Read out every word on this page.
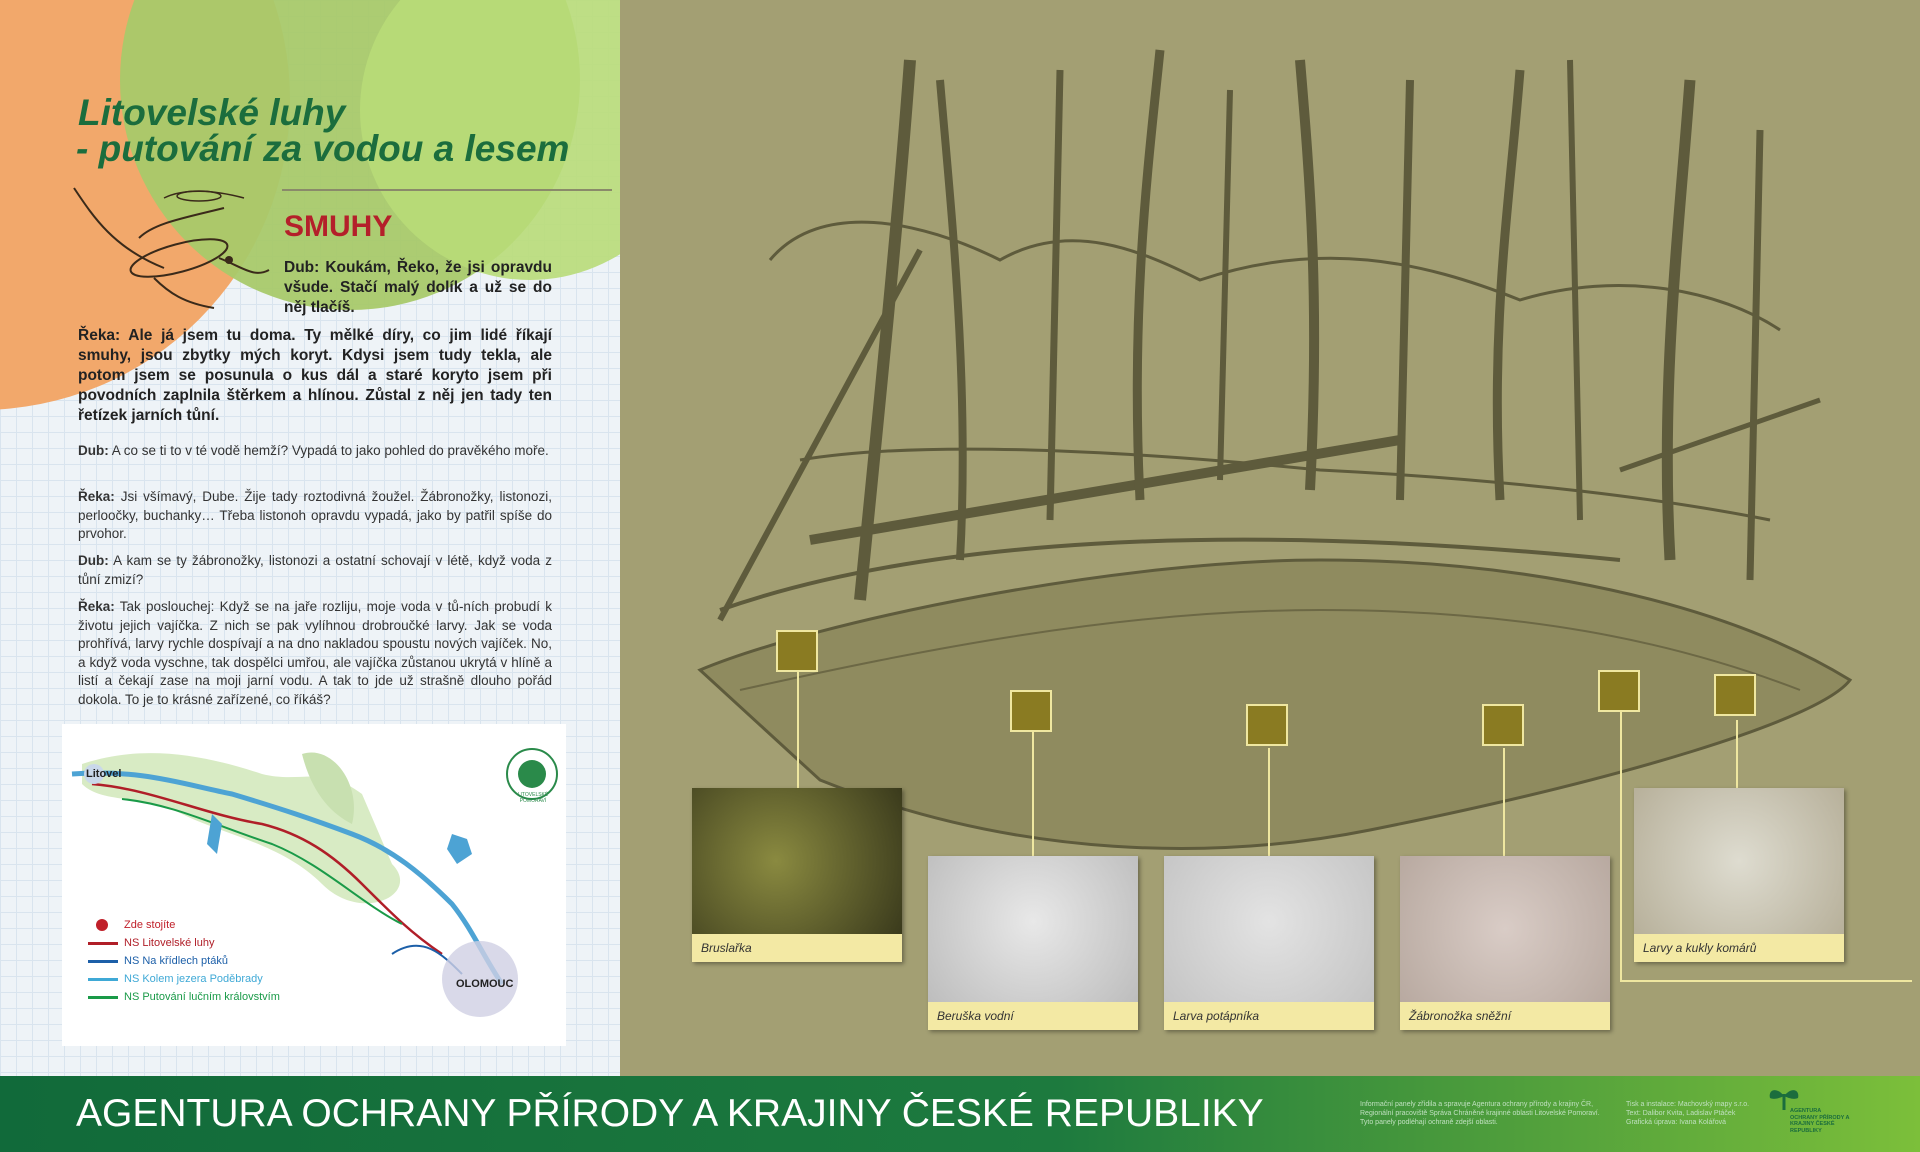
Litovelské luhy
- putování za vodou a lesem
SMUHY
Dub: Koukám, Řeko, že jsi opravdu všude. Stačí malý dolík a už se do něj tlačíš.
Řeka: Ale já jsem tu doma. Ty mělké díry, co jim lidé říkají smuhy, jsou zbytky mých koryt. Kdysi jsem tudy tekla, ale potom jsem se posunula o kus dál a staré koryto jsem při povodních zaplnila štěrkem a hlínou. Zůstal z něj jen tady ten řetízek jarních tůní.
Dub: A co se ti to v té vodě hemží? Vypadá to jako pohled do pravěkého moře.
Řeka: Jsi všímavý, Dube. Žije tady roztodivná žoužel. Žábronožky, listonozi, perloočky, buchanky… Třeba listonoh opravdu vypadá, jako by patřil spíše do prvohor.
Dub: A kam se ty žábronožky, listonozi a ostatní schovají v létě, když voda z tůní zmizí?
Řeka: Tak poslouchej: Když se na jaře rozliju, moje voda v tů-ních probudí k životu jejich vajíčka. Z nich se pak vylíhnou drobroučké larvy. Jak se voda prohřívá, larvy rychle dospívají a na dno nakladou spoustu nových vajíček. No, a když voda vyschne, tak dospělci umřou, ale vajíčka zůstanou ukrytá v hlíně a listí a čekají zase na moji jarní vodu. A tak to jde už strašně dlouho pořád dokola. To je to krásné zařízené, co říkáš?
Litovel
OLOMOUC
LITOVELSKÉ POMORAVÍ
Zde stojíte
NS Litovelské luhy
NS Na křídlech ptáků
NS Kolem jezera Poděbrady
NS Putování lučním královstvím
Bruslařka
Beruška vodní	Larva potápníka	Žábronožka sněžní
Larvy a kukly komárů
AGENTURA OCHRANY PŘÍRODY A KRAJINY ČESKÉ REPUBLIKY	Informační panely zřídila a spravuje Agentura ochrany přírody a krajiny ČR,
Regionální pracoviště Správa Chráněné krajinné oblasti Litovelské Pomoraví.
Tyto panely podléhají ochraně zdejší oblasti.
Tisk a instalace: Machovský mapy s.r.o.
Text: Dalibor Kvita, Ladislav Ptáček
Grafická úprava: Ivana Kolářová
AGENTURA OCHRANY PŘÍRODY A KRAJINY ČESKÉ REPUBLIKY
